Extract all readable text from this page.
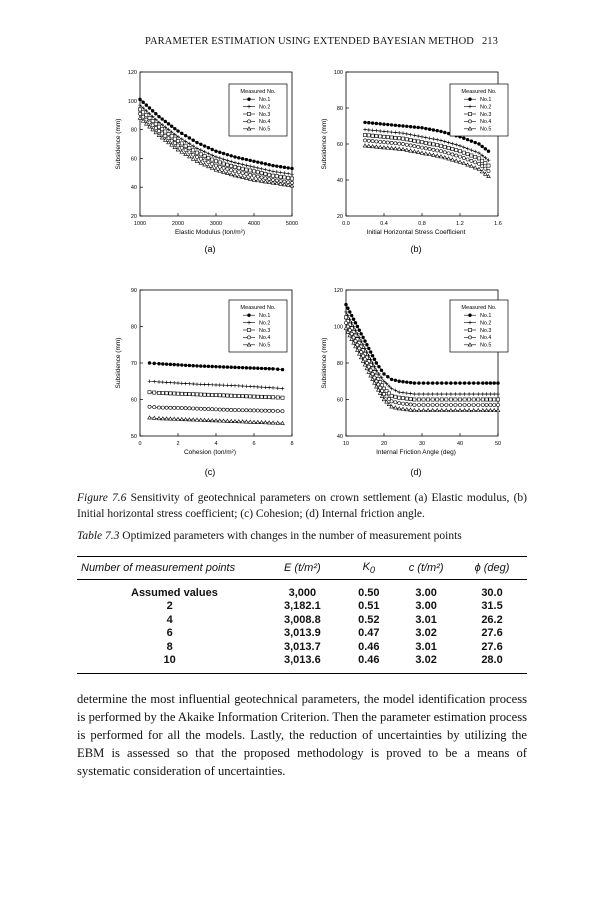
PARAMETER ESTIMATION USING EXTENDED BAYESIAN METHOD 213
1000	2000	3000	4000	5000
20
40
60
80
100
120
Elastic Modulus (ton/m²)
Subsidence (mm)
(a)
Measured No.
No.1
No.2
No.3
No.4
No.5
0.0	0.4	0.8	1.2	1.6
20
40
60
80
100
Initial Horizontal Stress Coefficient
Subsidence (mm)
(b)
Measured No.
No.1
No.2
No.3
No.4
No.5
0	2	4	6	8
50
60
70
80
90
Cohesion (ton/m²)
Subsidence (mm)
(c)
Measured No.
No.1
No.2
No.3
No.4
No.5
10	20	30	40	50
40
60
80
100
120
Internal Friction Angle (deg)
Subsidence (mm)
(d)
Measured No.
No.1
No.2
No.3
No.4
No.5
Figure 7.6 Sensitivity of geotechnical parameters on crown settlement (a) Elastic modulus, (b) Initial horizontal stress coefficient; (c) Cohesion; (d) Internal friction angle.
Table 7.3 Optimized parameters with changes in the number of measurement points
Number of measurement points	E (t/m²)	$K_0$	c (t/m²)	ϕ (deg)
Assumed values	3,000	0.50	3.00	30.0
2	3,182.1	0.51	3.00	31.5
4	3,008.8	0.52	3.01	26.2
6	3,013.9	0.47	3.02	27.6
8	3,013.7	0.46	3.01	27.6
10	3,013.6	0.46	3.02	28.0
determine the most influential geotechnical parameters, the model identification process is performed by the Akaike Information Criterion. Then the parameter estimation process is performed for all the models. Lastly, the reduction of uncertainties by utilizing the EBM is assessed so that the proposed methodology is proved to be a means of systematic consideration of uncertainties.
